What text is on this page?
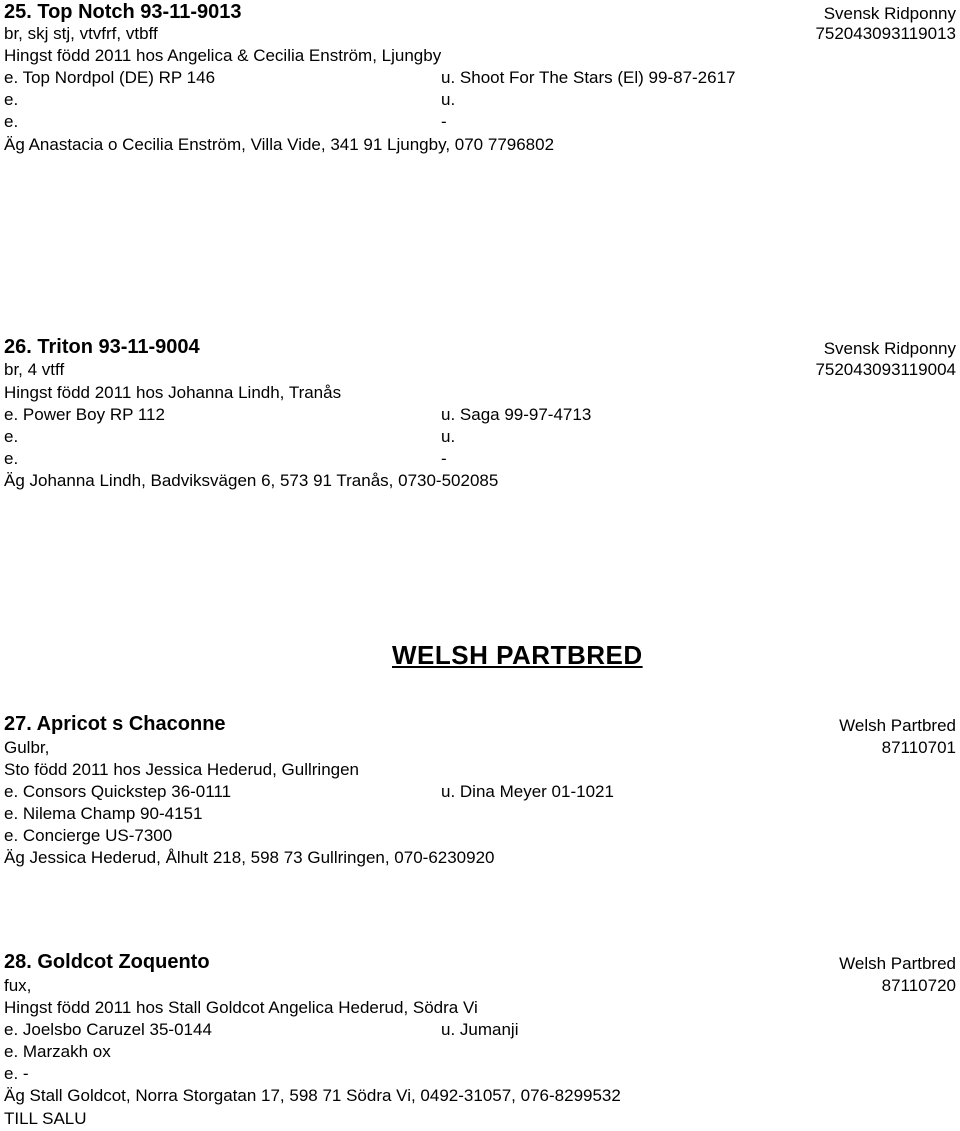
25. Top Notch 93-11-9013	Svensk Ridponny
br, skj stj, vtvfrf, vtbff	752043093119013
Hingst född 2011 hos Angelica & Cecilia Enström, Ljungby
e. Top Nordpol (DE) RP 146	u. Shoot For The Stars (El) 99-87-2617
e.	u.
e.	-
Äg Anastacia o Cecilia Enström, Villa Vide, 341 91 Ljungby, 070 7796802
26. Triton 93-11-9004	Svensk Ridponny
br, 4 vtff	752043093119004
Hingst född 2011 hos Johanna Lindh, Tranås
e. Power Boy RP 112	u. Saga 99-97-4713
e.	u.
e.	-
Äg Johanna Lindh, Badviksvägen 6, 573 91 Tranås, 0730-502085
WELSH PARTBRED
27. Apricot s Chaconne	Welsh Partbred
Gulbr,	87110701
Sto född 2011 hos Jessica Hederud, Gullringen
e. Consors Quickstep 36-0111	u. Dina Meyer 01-1021
e. Nilema Champ 90-4151
e. Concierge US-7300
Äg Jessica Hederud, Ålhult 218, 598 73 Gullringen, 070-6230920
28. Goldcot Zoquento	Welsh Partbred
fux,	87110720
Hingst född 2011 hos Stall Goldcot Angelica Hederud, Södra Vi
e. Joelsbo Caruzel 35-0144	u. Jumanji
e. Marzakh ox
e. -
Äg Stall Goldcot, Norra Storgatan 17, 598 71 Södra Vi, 0492-31057, 076-8299532
TILL SALU
